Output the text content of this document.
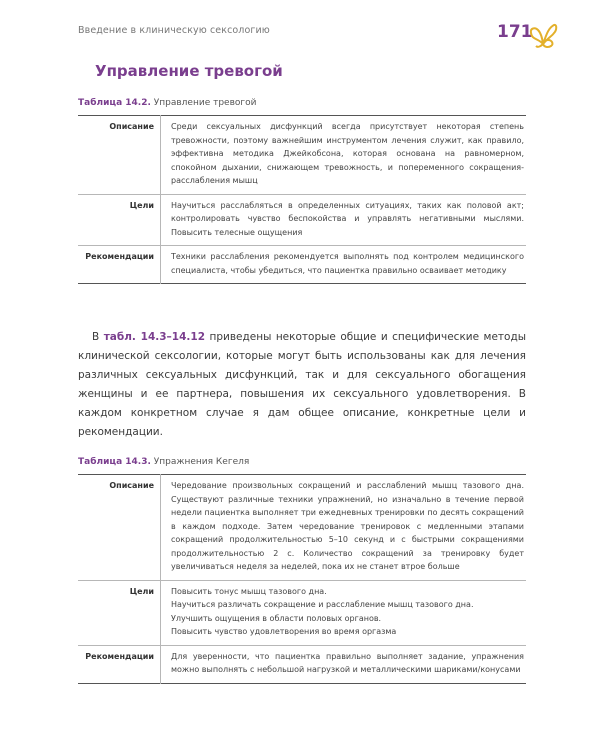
Введение в клиническую сексологию	171
Управление тревогой
Таблица 14.2. Управление тревогой
Описание	Среди сексуальных дисфункций всегда присутствует некоторая степень тревожности, поэтому важнейшим инструментом лечения служит, как правило, эффективна методика Джейкобсона, которая основана на равномерном, спокойном дыхании, снижающем тревожность, и попеременного сокращения-расслабления мышц
Цели	Научиться расслабляться в определенных ситуациях, таких как половой акт; контролировать чувство беспокойства и управлять негативными мыслями. Повысить телесные ощущения
Рекомендации	Техники расслабления рекомендуется выполнять под контролем медицинского специалиста, чтобы убедиться, что пациентка правильно осваивает методику

В табл. 14.3–14.12 приведены некоторые общие и специфические методы клинической сексологии, которые могут быть использованы как для лечения различных сексуальных дисфункций, так и для сексуального обогащения женщины и ее партнера, повышения их сексуального удовлетворения. В каждом конкретном случае я дам общее описание, конкретные цели и рекомендации.

Таблица 14.3. Упражнения Кегеля
Описание	Чередование произвольных сокращений и расслаблений мышц тазового дна. Существуют различные техники упражнений, но изначально в течение первой недели пациентка выполняет три ежедневных тренировки по десять сокращений в каждом подходе. Затем чередование тренировок с медленными этапами сокращений продолжительностью 5–10 секунд и с быстрыми сокращениями продолжительностью 2 с. Количество сокращений за тренировку будет увеличиваться неделя за неделей, пока их не станет втрое больше
Цели	Повысить тонус мышц тазового дна.
Научиться различать сокращение и расслабление мышц тазового дна.
Улучшить ощущения в области половых органов.
Повысить чувство удовлетворения во время оргазма

Рекомендации	Для уверенности, что пациентка правильно выполняет задание, упражнения можно выполнять с небольшой нагрузкой и металлическими шариками/конусами
